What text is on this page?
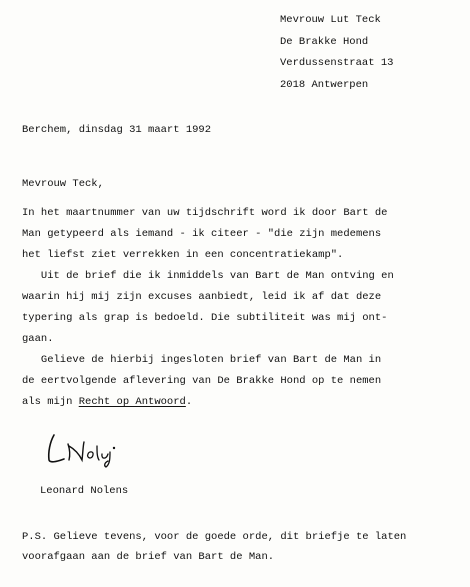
Mevrouw Lut Teck
De Brakke Hond
Verdussenstraat 13
2018 Antwerpen
Berchem, dinsdag 31 maart 1992
Mevrouw Teck,
In het maartnummer van uw tijdschrift word ik door Bart de
Man getypeerd als iemand - ik citeer - "die zijn medemens
het liefst ziet verrekken in een concentratiekamp".
Uit de brief die ik inmiddels van Bart de Man ontving en
waarin hij mij zijn excuses aanbiedt, leid ik af dat deze
typering als grap is bedoeld. Die subtiliteit was mij ont-
gaan.
Gelieve de hierbij ingesloten brief van Bart de Man in
de eertvolgende aflevering van De Brakke Hond op te nemen
als mijn Recht op Antwoord.
Leonard Nolens
P.S. Gelieve tevens, voor de goede orde, dit briefje te laten
voorafgaan aan de brief van Bart de Man.
